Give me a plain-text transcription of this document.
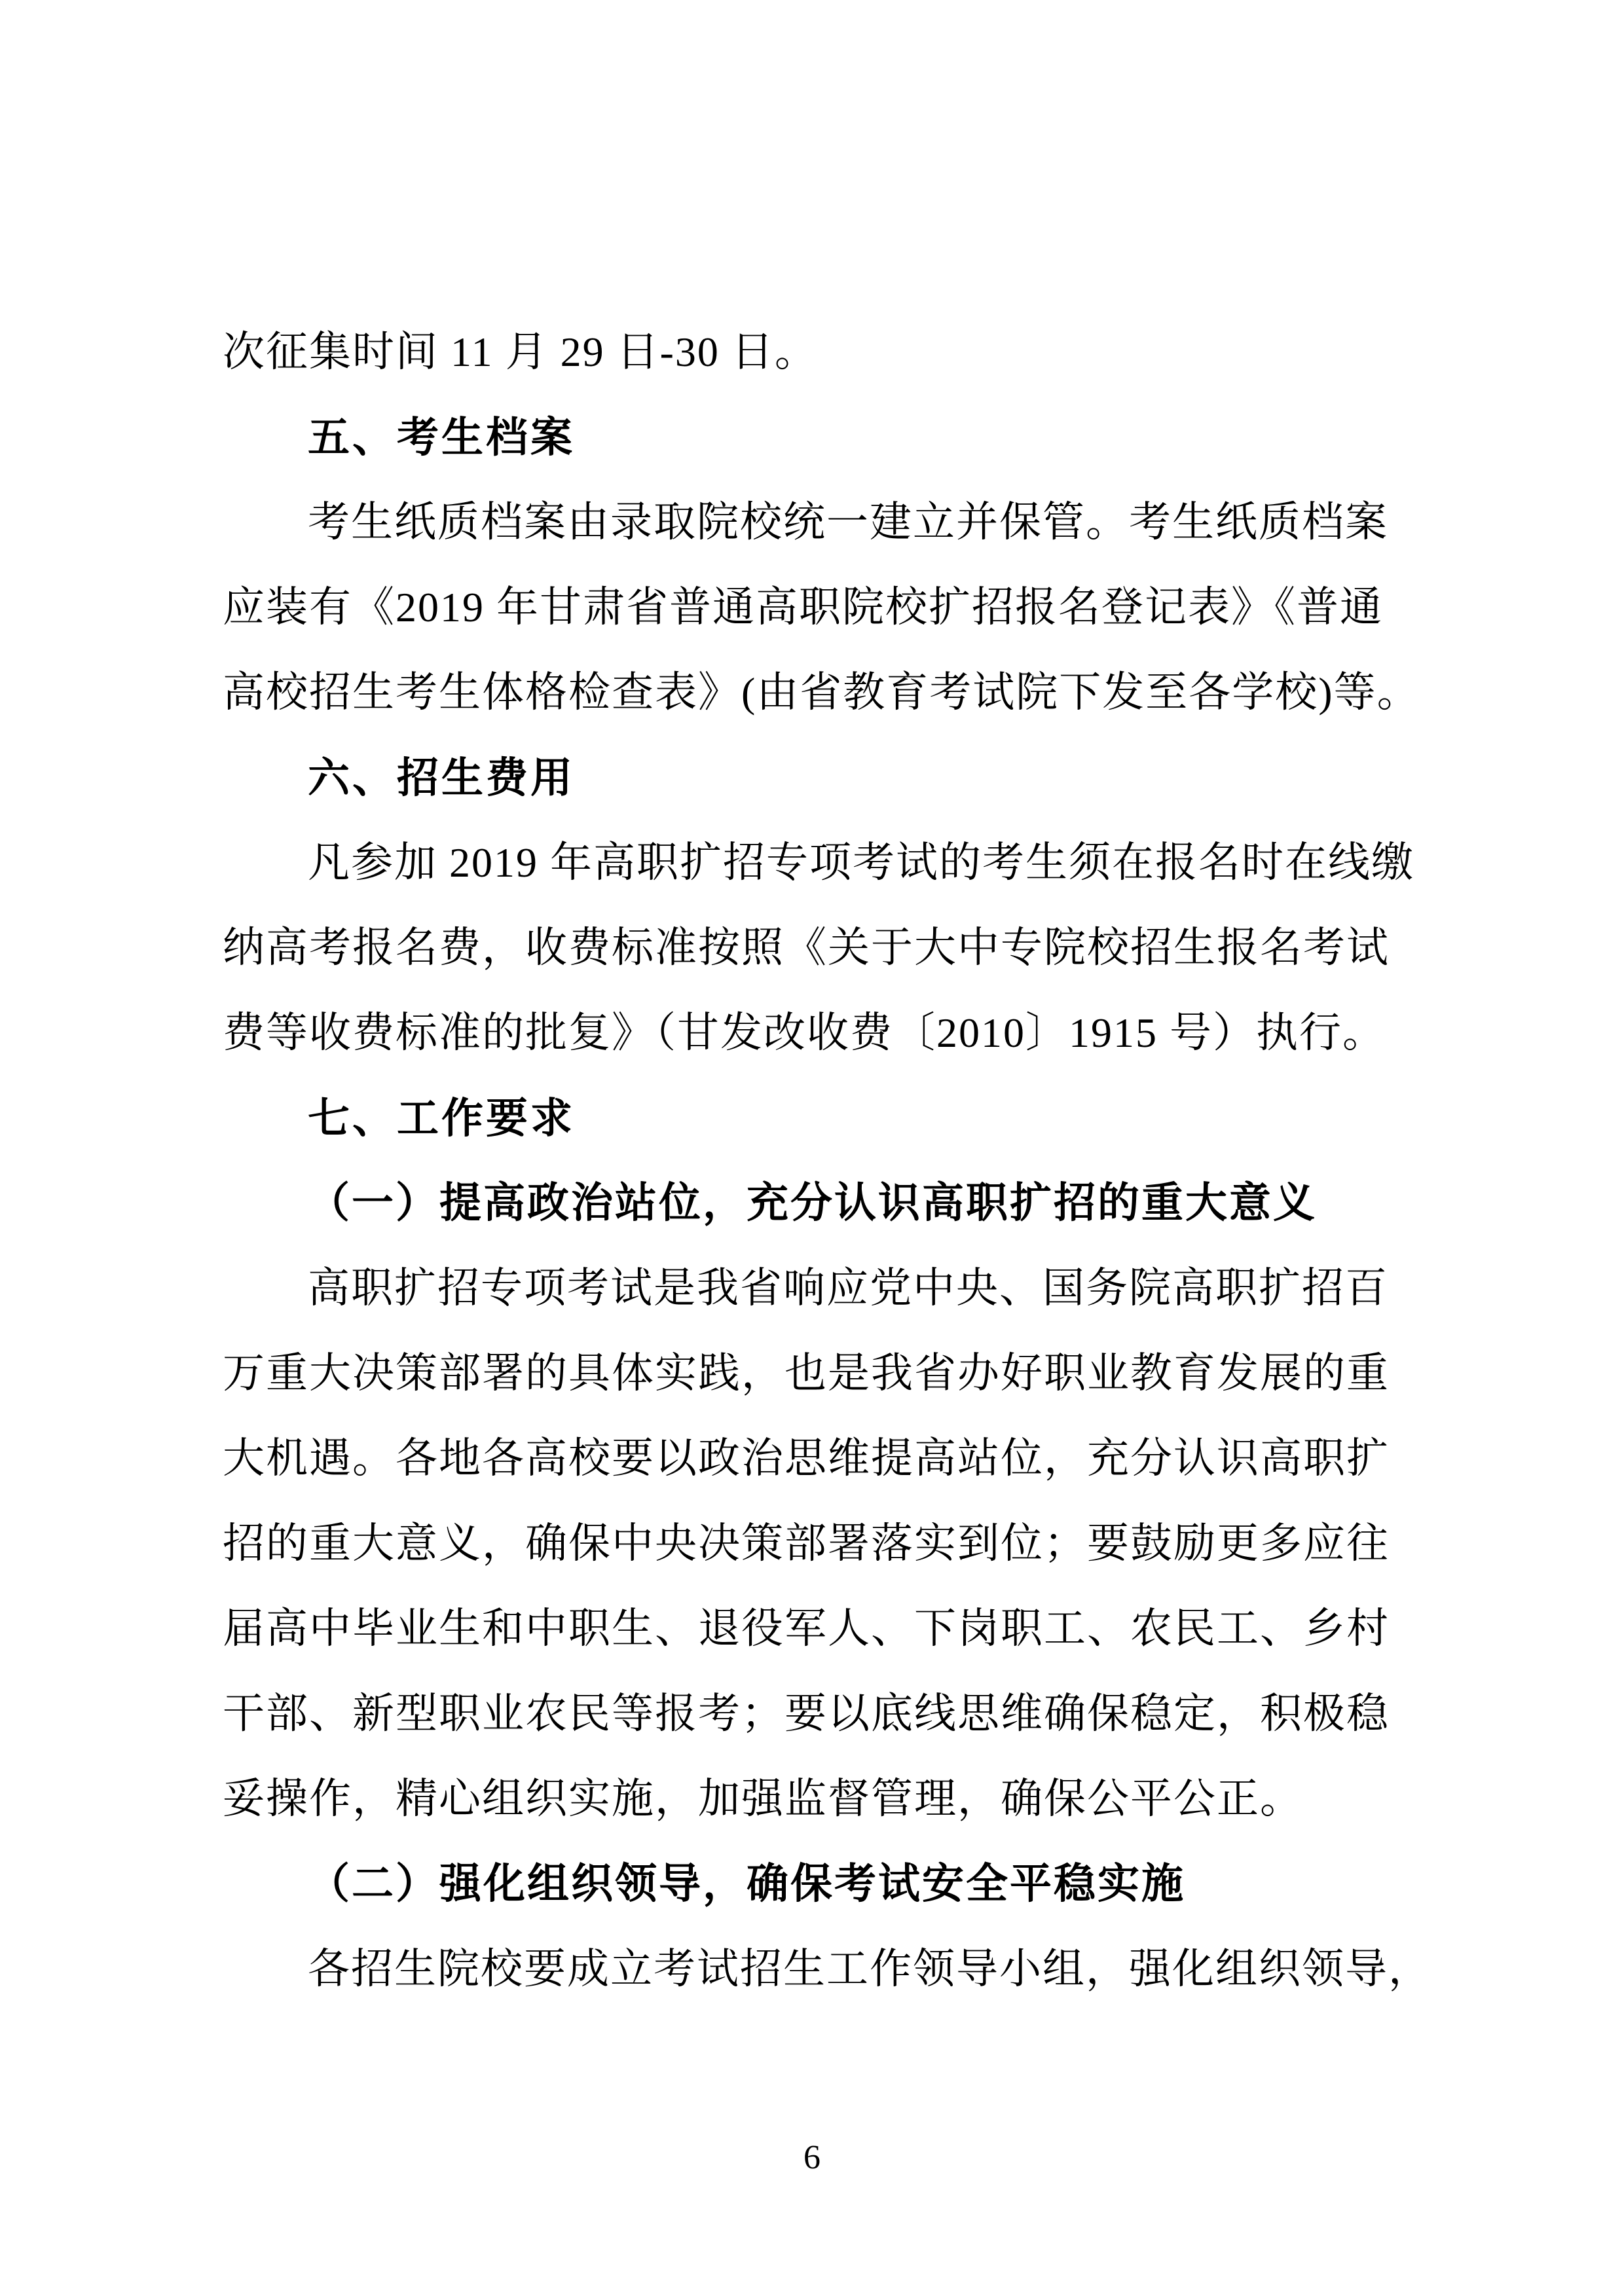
次征集时间 11 月 29 日-30 日。
五、考生档案
考生纸质档案由录取院校统一建立并保管。考生纸质档案
应装有《2019 年甘肃省普通高职院校扩招报名登记表》《普通
高校招生考生体格检查表》(由省教育考试院下发至各学校)等。
六、招生费用
凡参加 2019 年高职扩招专项考试的考生须在报名时在线缴
纳高考报名费，收费标准按照《关于大中专院校招生报名考试
费等收费标准的批复》（甘发改收费〔2010〕1915 号）执行。
七、工作要求
（一）提高政治站位，充分认识高职扩招的重大意义
高职扩招专项考试是我省响应党中央、国务院高职扩招百
万重大决策部署的具体实践，也是我省办好职业教育发展的重
大机遇。各地各高校要以政治思维提高站位，充分认识高职扩
招的重大意义，确保中央决策部署落实到位；要鼓励更多应往
届高中毕业生和中职生、退役军人、下岗职工、农民工、乡村
干部、新型职业农民等报考；要以底线思维确保稳定，积极稳
妥操作，精心组织实施，加强监督管理，确保公平公正。
（二）强化组织领导，确保考试安全平稳实施
各招生院校要成立考试招生工作领导小组，强化组织领导，
6
